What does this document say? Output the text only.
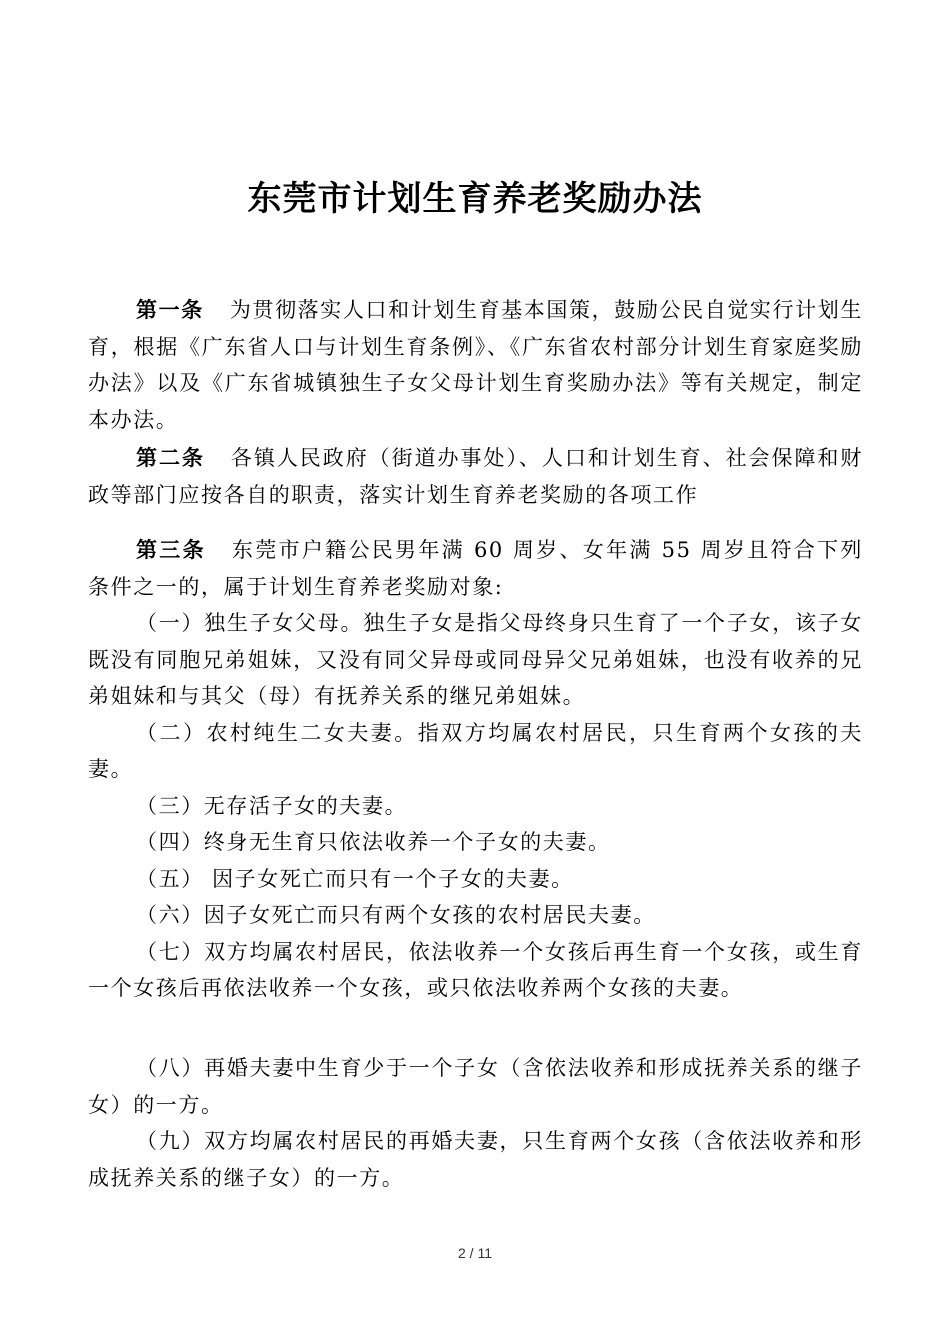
东莞市计划生育养老奖励办法

第一条 为贯彻落实人口和计划生育基本国策，鼓励公民自觉实行计划生育，根据《广东省人口与计划生育条例》、《广东省农村部分计划生育家庭奖励办法》以及《广东省城镇独生子女父母计划生育奖励办法》等有关规定，制定本办法。

第二条 各镇人民政府（街道办事处）、人口和计划生育、社会保障和财政等部门应按各自的职责，落实计划生育养老奖励的各项工作

第三条 东莞市户籍公民男年满 60 周岁、女年满 55 周岁且符合下列条件之一的，属于计划生育养老奖励对象:

（一）独生子女父母。独生子女是指父母终身只生育了一个子女，该子女既没有同胞兄弟姐妹，又没有同父异母或同母异父兄弟姐妹，也没有收养的兄弟姐妹和与其父（母）有抚养关系的继兄弟姐妹。

（二）农村纯生二女夫妻。指双方均属农村居民，只生育两个女孩的夫妻。

（三）无存活子女的夫妻。

（四）终身无生育只依法收养一个子女的夫妻。

（五） 因子女死亡而只有一个子女的夫妻。

（六）因子女死亡而只有两个女孩的农村居民夫妻。

（七）双方均属农村居民，依法收养一个女孩后再生育一个女孩，或生育一个女孩后再依法收养一个女孩，或只依法收养两个女孩的夫妻。

（八）再婚夫妻中生育少于一个子女（含依法收养和形成抚养关系的继子女）的一方。

（九）双方均属农村居民的再婚夫妻，只生育两个女孩（含依法收养和形成抚养关系的继子女）的一方。

2 / 11
